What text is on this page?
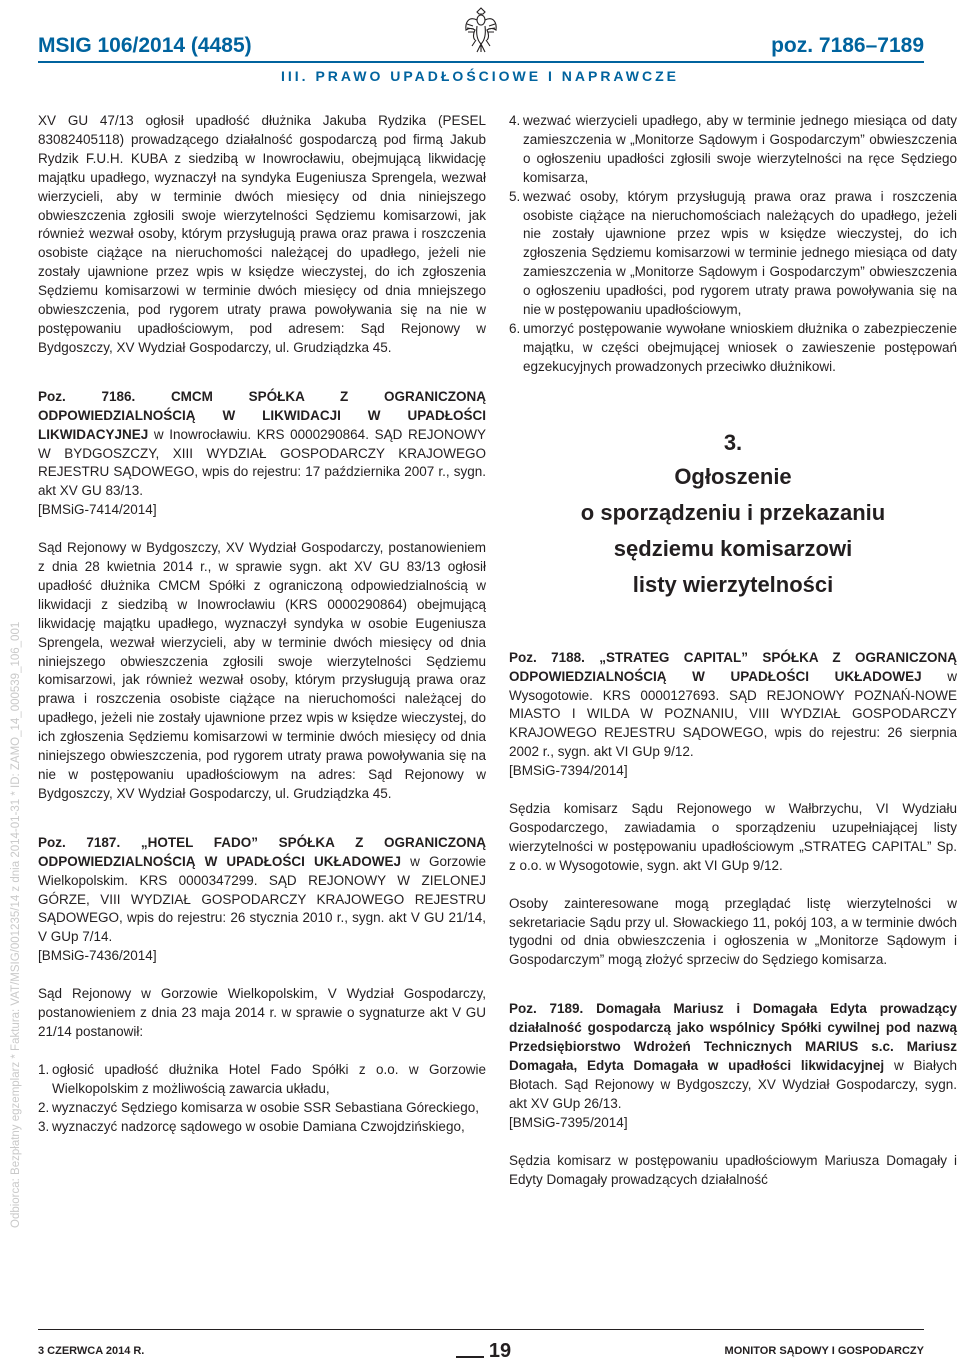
MSIG 106/2014 (4485)	poz. 7186–7189
III. PRAWO UPADŁOŚCIOWE I NAPRAWCZE
Odbiorca: Bezpłatny egzemplarz * Faktura: VAT/MSIG/001235/14 z dnia 2014-01-31 * ID: ZAMO_14_000539_106_001

XV GU 47/13 ogłosił upadłość dłużnika Jakuba Rydzika (PESEL 83082405118) prowadzącego działalność gospodarczą pod firmą Jakub Rydzik F.U.H. KUBA z siedzibą w Inowrocławiu, obejmującą likwidację majątku upadłego, wyznaczył na syndyka Eugeniusza Sprengela, wezwał wierzycieli, aby w terminie dwóch miesięcy od dnia niniejszego obwieszczenia zgłosili swoje wierzytelności Sędziemu komisarzowi, jak również wezwał osoby, którym przysługują prawa oraz prawa i roszczenia osobiste ciążące na nieruchomości należącej do upadłego, jeżeli nie zostały ujawnione przez wpis w księdze wieczystej, do ich zgłoszenia Sędziemu komisarzowi w terminie dwóch miesięcy od dnia mniejszego obwieszczenia, pod rygorem utraty prawa powoływania się na nie w postępowaniu upadłościowym, pod adresem: Sąd Rejonowy w Bydgoszczy, XV Wydział Gospodarczy, ul. Grudziądzka 45.

Poz. 7186.	CMCM SPÓŁKA Z OGRANICZONĄ ODPOWIEDZIALNOŚCIĄ W LIKWIDACJI W UPADŁOŚCI LIKWIDACYJNEJ w Inowrocławiu. KRS 0000290864. SĄD REJONOWY W BYDGOSZCZY, XIII WYDZIAŁ GOSPODARCZY KRAJOWEGO REJESTRU SĄDOWEGO, wpis do rejestru: 17 października 2007 r., sygn. akt XV GU 83/13.

[BMSiG-7414/2014]

Sąd Rejonowy w Bydgoszczy, XV Wydział Gospodarczy, postanowieniem z dnia 28 kwietnia 2014 r., w sprawie sygn. akt XV GU 83/13 ogłosił upadłość dłużnika CMCM Spółki z ograniczoną odpowiedzialnością w likwidacji z siedzibą w Inowrocławiu (KRS 0000290864) obejmującą likwidację majątku upadłego, wyznaczył syndyka w osobie Eugeniusza Sprengela, wezwał wierzycieli, aby w terminie dwóch miesięcy od dnia niniejszego obwieszczenia zgłosili swoje wierzytelności Sędziemu komisarzowi, jak również wezwał osoby, którym przysługują prawa oraz prawa i roszczenia osobiste ciążące na nieruchomości należącej do upadłego, jeżeli nie zostały ujawnione przez wpis w księdze wieczystej, do ich zgłoszenia Sędziemu komisarzowi w terminie dwóch miesięcy od dnia niniejszego obwieszczenia, pod rygorem utraty prawa powoływania się na nie w postępowaniu upadłościowym na adres: Sąd Rejonowy w Bydgoszczy, XV Wydział Gospodarczy, ul. Grudziądzka 45.

Poz. 7187. „HOTEL FADO” SPÓŁKA Z OGRANICZONĄ ODPOWIEDZIALNOŚCIĄ W UPADŁOŚCI UKŁADOWEJ w Gorzowie Wielkopolskim. KRS 0000347299. SĄD REJONOWY W ZIELONEJ GÓRZE, VIII WYDZIAŁ GOSPODARCZY KRAJOWEGO REJESTRU SĄDOWEGO, wpis do rejestru: 26 stycznia 2010 r., sygn. akt V GU 21/14, V GUp 7/14.

[BMSiG-7436/2014]

Sąd Rejonowy w Gorzowie Wielkopolskim, V Wydział Gospodarczy, postanowieniem z dnia 23 maja 2014 r. w sprawie o sygnaturze akt V GU 21/14 postanowił:

1. ogłosić upadłość dłużnika Hotel Fado Spółki z o.o. w Gorzowie Wielkopolskim z możliwością zawarcia układu,
2. wyznaczyć Sędziego komisarza w osobie SSR Sebastiana Góreckiego,
3. wyznaczyć nadzorcę sądowego w osobie Damiana Czwojdzińskiego,
4. wezwać wierzycieli upadłego, aby w terminie jednego miesiąca od daty zamieszczenia w „Monitorze Sądowym i Gospodarczym” obwieszczenia o ogłoszeniu upadłości zgłosili swoje wierzytelności na ręce Sędziego komisarza,
5. wezwać osoby, którym przysługują prawa oraz prawa i roszczenia osobiste ciążące na nieruchomościach należących do upadłego, jeżeli nie zostały ujawnione przez wpis w księdze wieczystej, do ich zgłoszenia Sędziemu komisarzowi w terminie jednego miesiąca od daty zamieszczenia w „Monitorze Sądowym i Gospodarczym” obwieszczenia o ogłoszeniu upadłości, pod rygorem utraty prawa powoływania się na nie w postępowaniu upadłościowym,
6. umorzyć postępowanie wywołane wnioskiem dłużnika o zabezpieczenie majątku, w części obejmującej wniosek o zawieszenie postępowań egzekucyjnych prowadzonych przeciwko dłużnikowi.
3.
Ogłoszenie
o sporządzeniu i przekazaniu
sędziemu komisarzowi
listy wierzytelności

Poz. 7188. „STRATEG CAPITAL” SPÓŁKA Z OGRANICZONĄ ODPOWIEDZIALNOŚCIĄ W UPADŁOŚCI UKŁADOWEJ w Wysogotowie. KRS 0000127693. SĄD REJONOWY POZNAŃ-NOWE MIASTO I WILDA W POZNANIU, VIII WYDZIAŁ GOSPODARCZY KRAJOWEGO REJESTRU SĄDOWEGO, wpis do rejestru: 26 sierpnia 2002 r., sygn. akt VI GUp 9/12.

[BMSiG-7394/2014]

Sędzia komisarz Sądu Rejonowego w Wałbrzychu, VI Wydziału Gospodarczego, zawiadamia o sporządzeniu uzupełniającej listy wierzytelności w postępowaniu upadłościowym „STRATEG CAPITAL” Sp. z o.o. w Wysogotowie, sygn. akt VI GUp 9/12.

Osoby zainteresowane mogą przeglądać listę wierzytelności w sekretariacie Sądu przy ul. Słowackiego 11, pokój 103, a w terminie dwóch tygodni od dnia obwieszczenia i ogłoszenia w „Monitorze Sądowym i Gospodarczym” mogą złożyć sprzeciw do Sędziego komisarza.

Poz. 7189. Domagała Mariusz i Domagała Edyta prowadzący działalność gospodarczą jako wspólnicy Spółki cywilnej pod nazwą Przedsiębiorstwo Wdrożeń Technicznych MARIUS s.c. Mariusz Domagała, Edyta Domagała w upadłości likwidacyjnej w Białych Błotach. Sąd Rejonowy w Bydgoszczy, XV Wydział Gospodarczy, sygn. akt XV GUp 26/13.

[BMSiG-7395/2014]

Sędzia komisarz w postępowaniu upadłościowym Mariusza Domagały i Edyty Domagały prowadzących działalność

3 CZERWCA 2014 R.	19	MONITOR SĄDOWY I GOSPODARCZY
